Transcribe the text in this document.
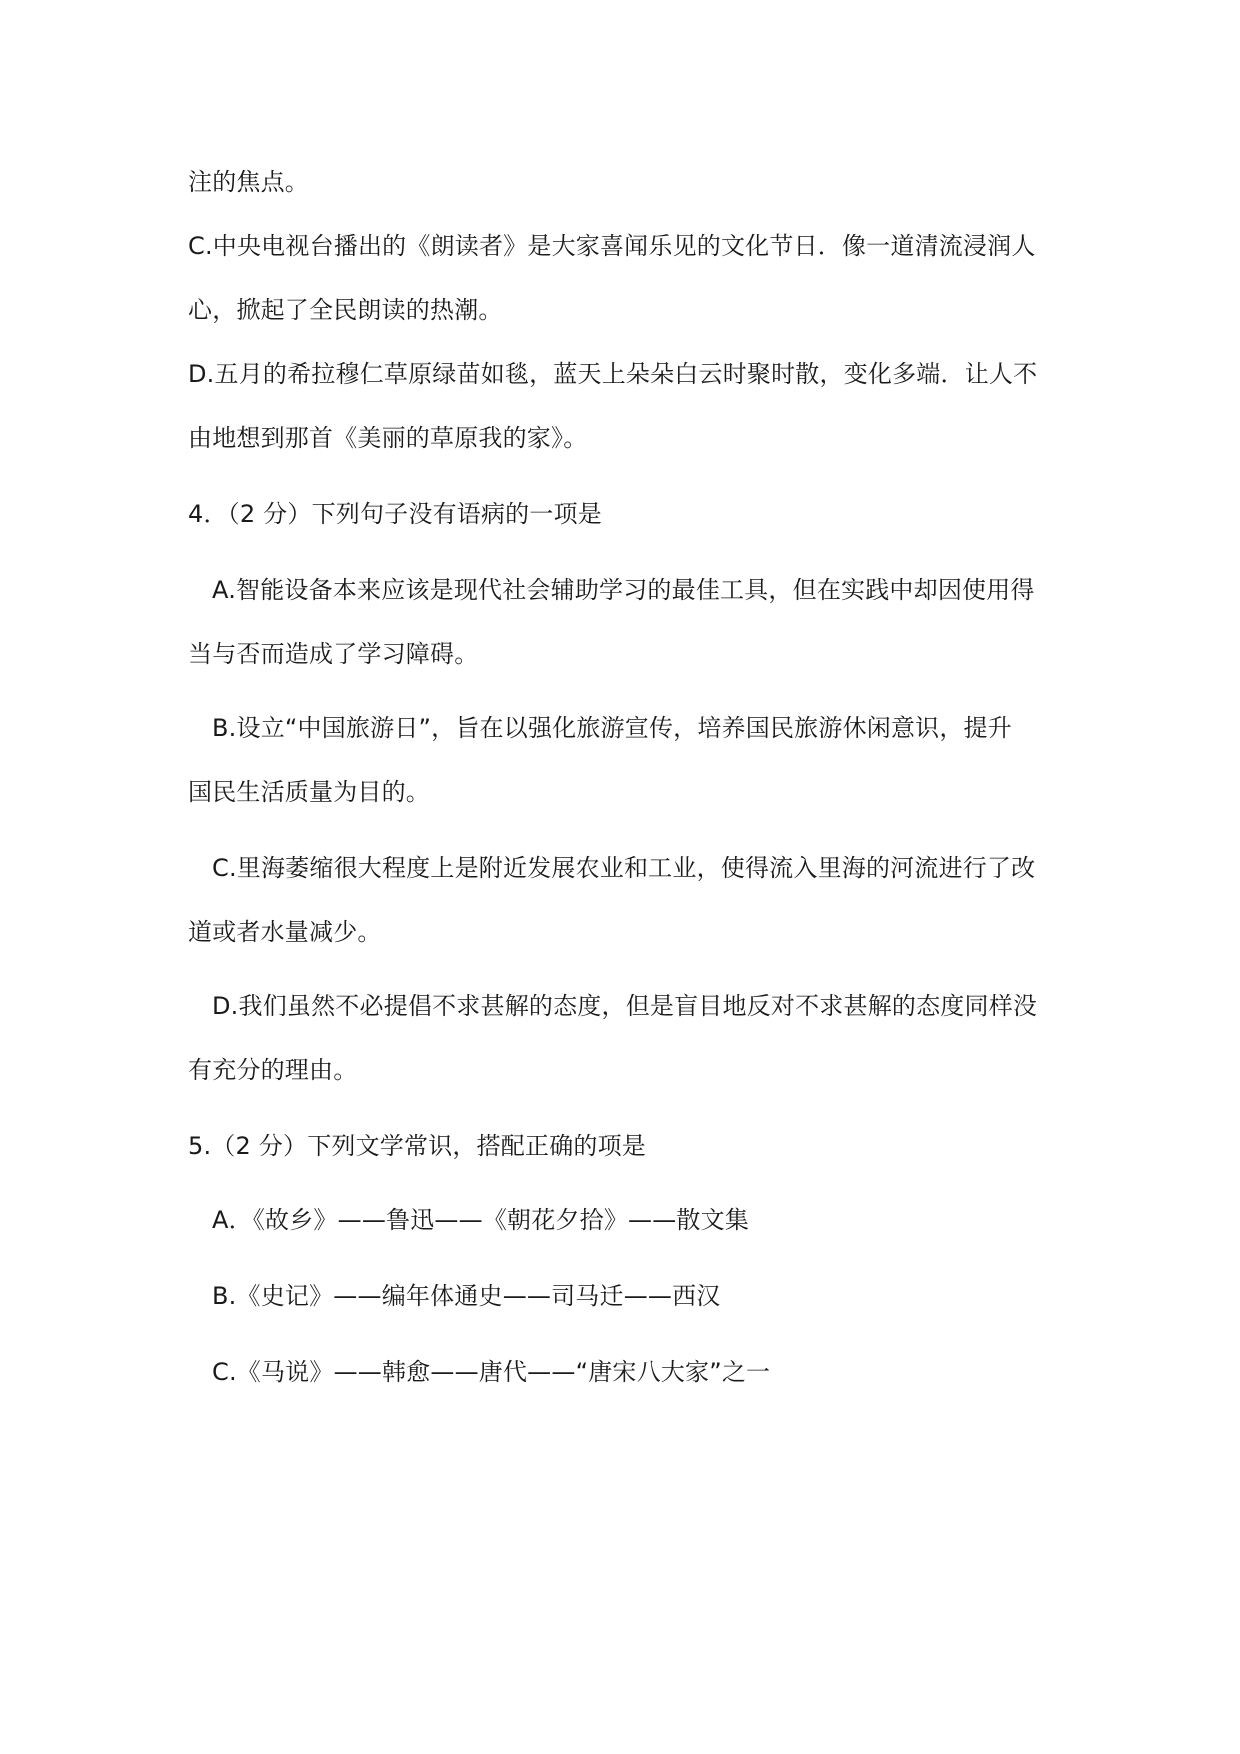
注的焦点。
C.中央电视台播出的《朗读者》是大家喜闻乐见的文化节日．像一道清流浸润人
心，掀起了全民朗读的热潮。
D.五月的希拉穆仁草原绿苗如毯，蓝天上朵朵白云时聚时散，变化多端．让人不
由地想到那首《美丽的草原我的家》。
4．（2 分）下列句子没有语病的一项是
A.智能设备本来应该是现代社会辅助学习的最佳工具，但在实践中却因使用得
当与否而造成了学习障碍。
B.设立“中国旅游日”，旨在以强化旅游宣传，培养国民旅游休闲意识，提升
国民生活质量为目的。
C.里海萎缩很大程度上是附近发展农业和工业，使得流入里海的河流进行了改
道或者水量减少。
D.我们虽然不必提倡不求甚解的态度，但是盲目地反对不求甚解的态度同样没
有充分的理由。
5.（2 分）下列文学常识，搭配正确的项是
A．《故乡》——鲁迅——《朝花夕拾》——散文集
B.《史记》——编年体通史——司马迁——西汉
C.《马说》——韩愈——唐代——“唐宋八大家”之一
